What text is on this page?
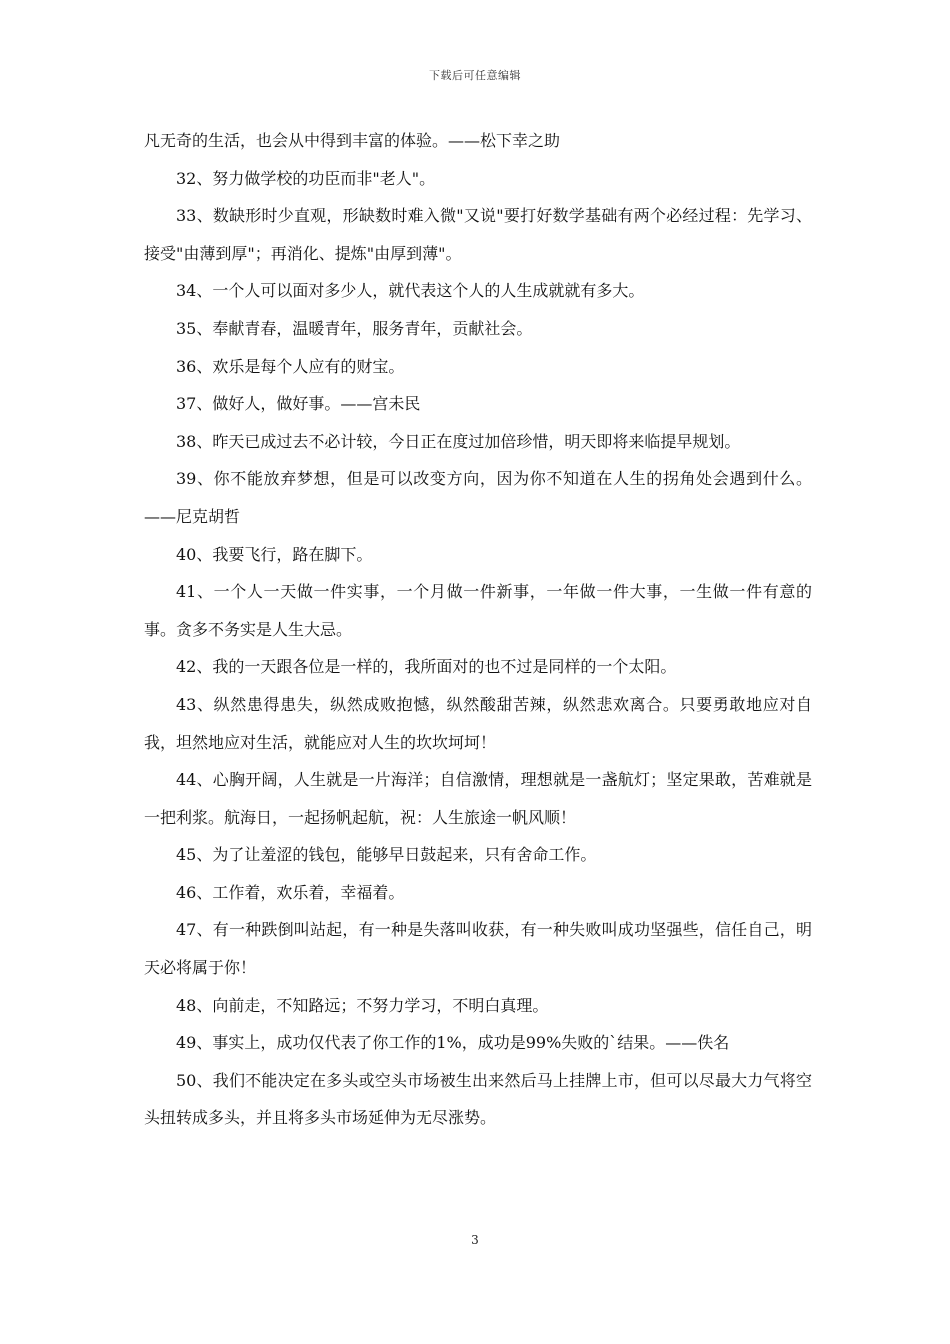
下载后可任意编辑

凡无奇的生活，也会从中得到丰富的体验。——松下幸之助

32、努力做学校的功臣而非"老人"。

33、数缺形时少直观，形缺数时难入微"又说"要打好数学基础有两个必经过程：先学习、接受"由薄到厚"；再消化、提炼"由厚到薄"。

34、一个人可以面对多少人，就代表这个人的人生成就就有多大。

35、奉献青春，温暖青年，服务青年，贡献社会。

36、欢乐是每个人应有的财宝。

37、做好人，做好事。——宫未民

38、昨天已成过去不必计较，今日正在度过加倍珍惜，明天即将来临提早规划。

39、你不能放弃梦想，但是可以改变方向，因为你不知道在人生的拐角处会遇到什么。——尼克胡哲

40、我要飞行，路在脚下。

41、一个人一天做一件实事，一个月做一件新事，一年做一件大事，一生做一件有意的事。贪多不务实是人生大忌。

42、我的一天跟各位是一样的，我所面对的也不过是同样的一个太阳。

43、纵然患得患失，纵然成败抱憾，纵然酸甜苦辣，纵然悲欢离合。只要勇敢地应对自我，坦然地应对生活，就能应对人生的坎坎坷坷！

44、心胸开阔，人生就是一片海洋；自信激情，理想就是一盏航灯；坚定果敢，苦难就是一把利浆。航海日，一起扬帆起航，祝：人生旅途一帆风顺！

45、为了让羞涩的钱包，能够早日鼓起来，只有舍命工作。

46、工作着，欢乐着，幸福着。

47、有一种跌倒叫站起，有一种是失落叫收获，有一种失败叫成功坚强些，信任自己，明天必将属于你！

48、向前走，不知路远；不努力学习，不明白真理。

49、事实上，成功仅代表了你工作的1%，成功是99%失败的`结果。——佚名

50、我们不能决定在多头或空头市场被生出来然后马上挂牌上市，但可以尽最大力气将空头扭转成多头，并且将多头市场延伸为无尽涨势。

3
